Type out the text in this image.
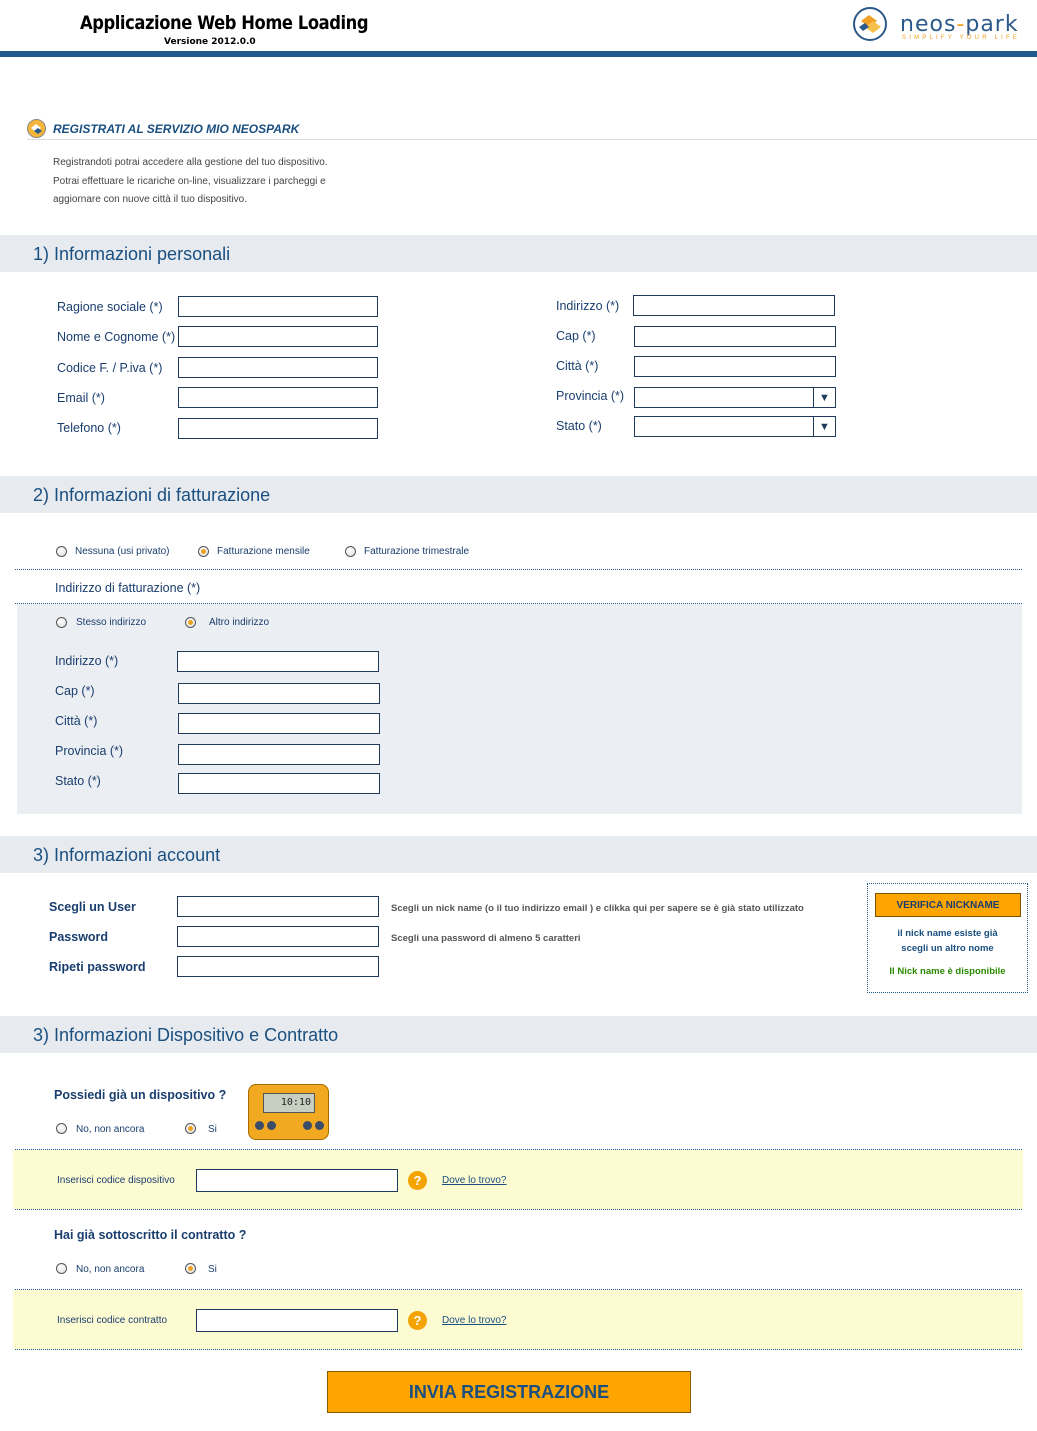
Applicazione Web Home Loading
Versione 2012.0.0
neos-park
SIMPLIFY YOUR LIFE
REGISTRATI AL SERVIZIO MIO NEOSPARK
Registrandoti potrai accedere alla gestione del tuo dispositivo.
Potrai effettuare le ricariche on-line, visualizzare i parcheggi e
aggiornare con nuove città il tuo dispositivo.
1) Informazioni personali
Ragione sociale (*)
Nome e Cognome (*)
Codice F. / P.iva (*)
Email (*)
Telefono (*)
Indirizzo (*)
Cap (*)
Città (*)
Provincia (*)	▼
Stato (*)	▼
2) Informazioni di fatturazione
Nessuna (usi privato)	Fatturazione mensile	Fatturazione trimestrale
Indirizzo di fatturazione (*)
Stesso indirizzo	Altro indirizzo
Indirizzo (*)
Cap (*)
Città (*)
Provincia (*)
Stato (*)
3) Informazioni account
Scegli un User	Scegli un nick name (o il tuo indirizzo email ) e clikka qui per sapere se è già stato utilizzato
Password	Scegli una password di almeno 5 caratteri
Ripeti password
VERIFICA NICKNAME
il nick name esiste già
scegli un altro nome
Il Nick name è disponibile
3) Informazioni Dispositivo e Contratto
Possiedi già un dispositivo ?
No, non ancora	Si
10:10
Inserisci codice dispositivo	?	Dove lo trovo?
Hai già sottoscritto il contratto ?
No, non ancora	Si
Inserisci codice contratto	?	Dove lo trovo?
INVIA REGISTRAZIONE
